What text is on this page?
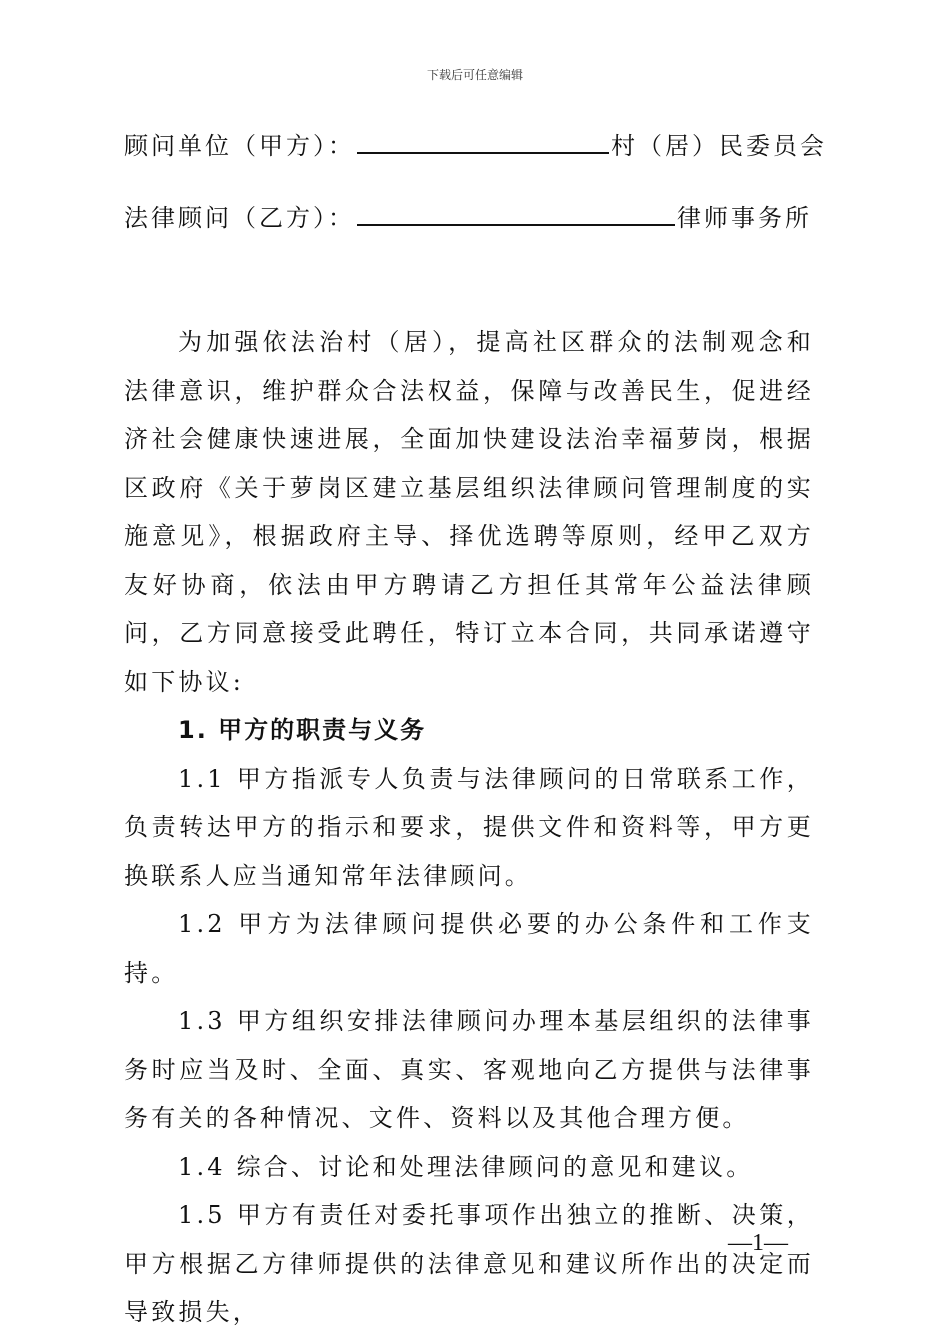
下载后可任意编辑
顾问单位（甲方）：	村（居）民委员会
法律顾问（乙方）：	律师事务所

为加强依法治村（居），提高社区群众的法制观念和法律意识，维护群众合法权益，保障与改善民生，促进经济社会健康快速进展，全面加快建设法治幸福萝岗，根据区政府《关于萝岗区建立基层组织法律顾问管理制度的实施意见》，根据政府主导、择优选聘等原则，经甲乙双方友好协商，依法由甲方聘请乙方担任其常年公益法律顾问，乙方同意接受此聘任，特订立本合同，共同承诺遵守如下协议:

1. 甲方的职责与义务

1.1 甲方指派专人负责与法律顾问的日常联系工作，负责转达甲方的指示和要求，提供文件和资料等，甲方更换联系人应当通知常年法律顾问。

1.2 甲方为法律顾问提供必要的办公条件和工作支持。

1.3 甲方组织安排法律顾问办理本基层组织的法律事务时应当及时、全面、真实、客观地向乙方提供与法律事务有关的各种情况、文件、资料以及其他合理方便。

1.4 综合、讨论和处理法律顾问的意见和建议。

1.5 甲方有责任对委托事项作出独立的推断、决策，甲方根据乙方律师提供的法律意见和建议所作出的决定而导致损失，

—1—
